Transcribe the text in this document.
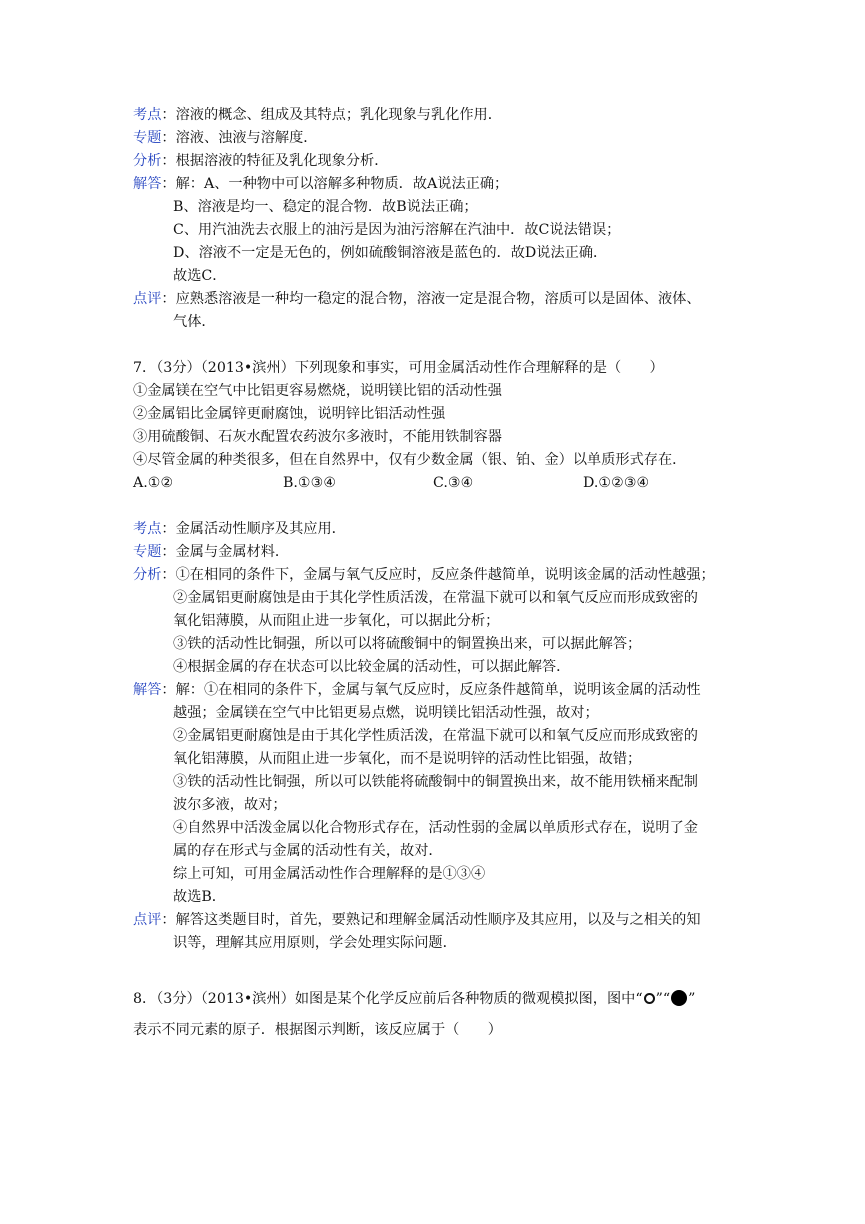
考点：溶液的概念、组成及其特点；乳化现象与乳化作用．
专题：溶液、浊液与溶解度．
分析：根据溶液的特征及乳化现象分析．
解答：解：A、一种物中可以溶解多种物质．故A说法正确；
B、溶液是均一、稳定的混合物．故B说法正确；
C、用汽油洗去衣服上的油污是因为油污溶解在汽油中．故C说法错误；
D、溶液不一定是无色的，例如硫酸铜溶液是蓝色的．故D说法正确．
故选C．
点评：应熟悉溶液是一种均一稳定的混合物，溶液一定是混合物，溶质可以是固体、液体、
气体．
7．（3分）（2013•滨州）下列现象和事实，可用金属活动性作合理解释的是（　　）
①金属镁在空气中比铝更容易燃烧，说明镁比铝的活动性强
②金属铝比金属锌更耐腐蚀，说明锌比铝活动性强
③用硫酸铜、石灰水配置农药波尔多液时，不能用铁制容器
④尽管金属的种类很多，但在自然界中，仅有少数金属（银、铂、金）以单质形式存在．
A.①②	B.①③④	C.③④	D.①②③④
考点：金属活动性顺序及其应用．
专题：金属与金属材料．
分析：①在相同的条件下，金属与氧气反应时，反应条件越简单，说明该金属的活动性越强；
②金属铝更耐腐蚀是由于其化学性质活泼，在常温下就可以和氧气反应而形成致密的
氧化铝薄膜，从而阻止进一步氧化，可以据此分析；
③铁的活动性比铜强，所以可以将硫酸铜中的铜置换出来，可以据此解答；
④根据金属的存在状态可以比较金属的活动性，可以据此解答．
解答：解：①在相同的条件下，金属与氧气反应时，反应条件越简单，说明该金属的活动性
越强；金属镁在空气中比铝更易点燃，说明镁比铝活动性强，故对；
②金属铝更耐腐蚀是由于其化学性质活泼，在常温下就可以和氧气反应而形成致密的
氧化铝薄膜，从而阻止进一步氧化，而不是说明锌的活动性比铝强，故错；
③铁的活动性比铜强，所以可以铁能将硫酸铜中的铜置换出来，故不能用铁桶来配制
波尔多液，故对；
④自然界中活泼金属以化合物形式存在，活动性弱的金属以单质形式存在，说明了金
属的存在形式与金属的活动性有关，故对．
综上可知，可用金属活动性作合理解释的是①③④
故选B．
点评：解答这类题目时，首先，要熟记和理解金属活动性顺序及其应用，以及与之相关的知
识等，理解其应用原则，学会处理实际问题．
8．（3分）（2013•滨州）如图是某个化学反应前后各种物质的微观模拟图，图中“ ”“ ”
表示不同元素的原子．根据图示判断，该反应属于（　　）
